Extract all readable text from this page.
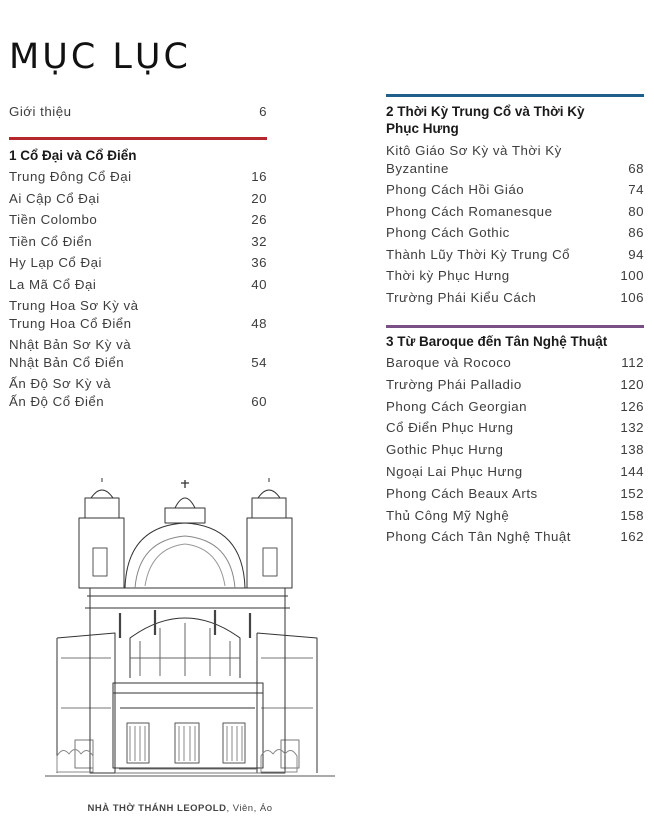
MỤC LỤC
Giới thiệu	6
1 Cổ Đại và Cổ Điển
Trung Đông Cổ Đại	16
Ai Cập Cổ Đại	20
Tiền Colombo	26
Tiền Cổ Điển	32
Hy Lạp Cổ Đại	36
La Mã Cổ Đại	40
Trung Hoa Sơ Kỳ và Trung Hoa Cổ Điển	48
Nhật Bản Sơ Kỳ và Nhật Bản Cổ Điển	54
Ấn Độ Sơ Kỳ và Ấn Độ Cổ Điển	60
2 Thời Kỳ Trung Cổ và Thời Kỳ Phục Hưng
Kitô Giáo Sơ Kỳ và Thời Kỳ Byzantine	68
Phong Cách Hồi Giáo	74
Phong Cách Romanesque	80
Phong Cách Gothic	86
Thành Lũy Thời Kỳ Trung Cổ	94
Thời kỳ Phục Hưng	100
Trường Phái Kiểu Cách	106
3 Từ Baroque đến Tân Nghệ Thuật
Baroque và Rococo	112
Trường Phái Palladio	120
Phong Cách Georgian	126
Cổ Điển Phục Hưng	132
Gothic Phục Hưng	138
Ngoại Lai Phục Hưng	144
Phong Cách Beaux Arts	152
Thủ Công Mỹ Nghệ	158
Phong Cách Tân Nghệ Thuật	162
NHÀ THỜ THÁNH LEOPOLD, Viên, Áo
